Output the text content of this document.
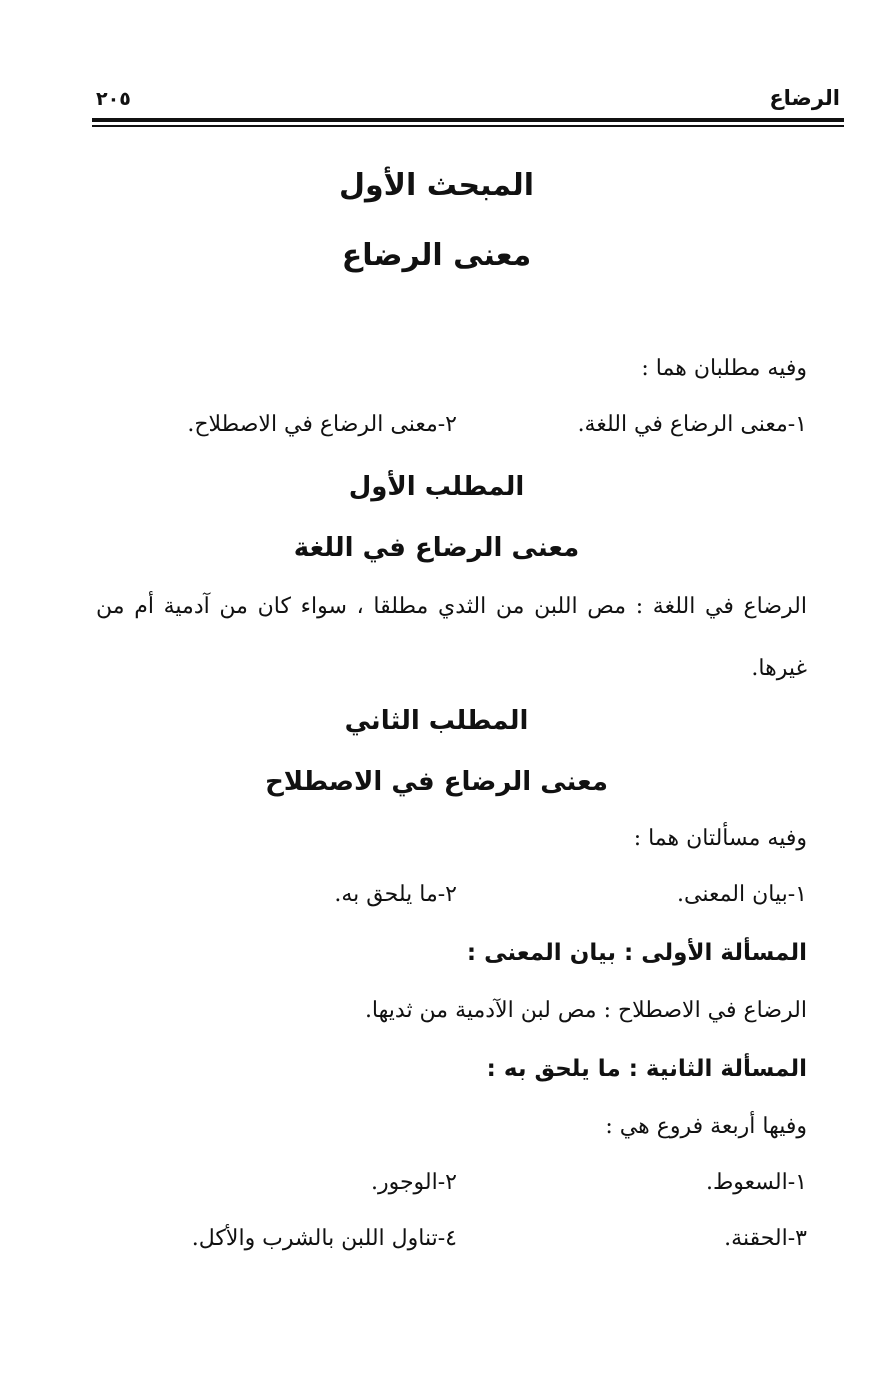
الرضاع
٢٠٥
المبحث الأول
معنى الرضاع
وفيه مطلبان هما :
١-معنى الرضاع في اللغة.
٢-معنى الرضاع في الاصطلاح.
المطلب الأول
معنى الرضاع في اللغة
الرضاع في اللغة : مص اللبن من الثدي مطلقا ، سواء كان من آدمية أم من غيرها.
المطلب الثاني
معنى الرضاع في الاصطلاح
وفيه مسألتان هما :
١-بيان المعنى.
٢-ما يلحق به.
المسألة الأولى : بيان المعنى :
الرضاع في الاصطلاح : مص لبن الآدمية من ثديها.
المسألة الثانية : ما يلحق به :
وفيها أربعة فروع هي :
١-السعوط.
٢-الوجور.
٣-الحقنة.
٤-تناول اللبن بالشرب والأكل.
